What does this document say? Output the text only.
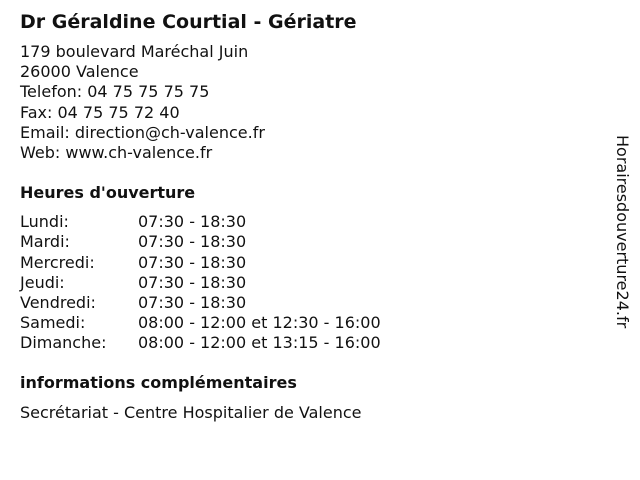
Dr Géraldine Courtial - Gériatre
179 boulevard Maréchal Juin
26000 Valence
Telefon: 04 75 75 75 75
Fax: 04 75 75 72 40
Email: direction@ch-valence.fr
Web: www.ch-valence.fr
Heures d'ouverture
Lundi:	07:30 - 18:30
Mardi:	07:30 - 18:30
Mercredi:	07:30 - 18:30
Jeudi:	07:30 - 18:30
Vendredi:	07:30 - 18:30
Samedi:	08:00 - 12:00 et 12:30 - 16:00
Dimanche:	08:00 - 12:00 et 13:15 - 16:00
informations complémentaires
Secrétariat - Centre Hospitalier de Valence
Horairesdouverture24.fr
